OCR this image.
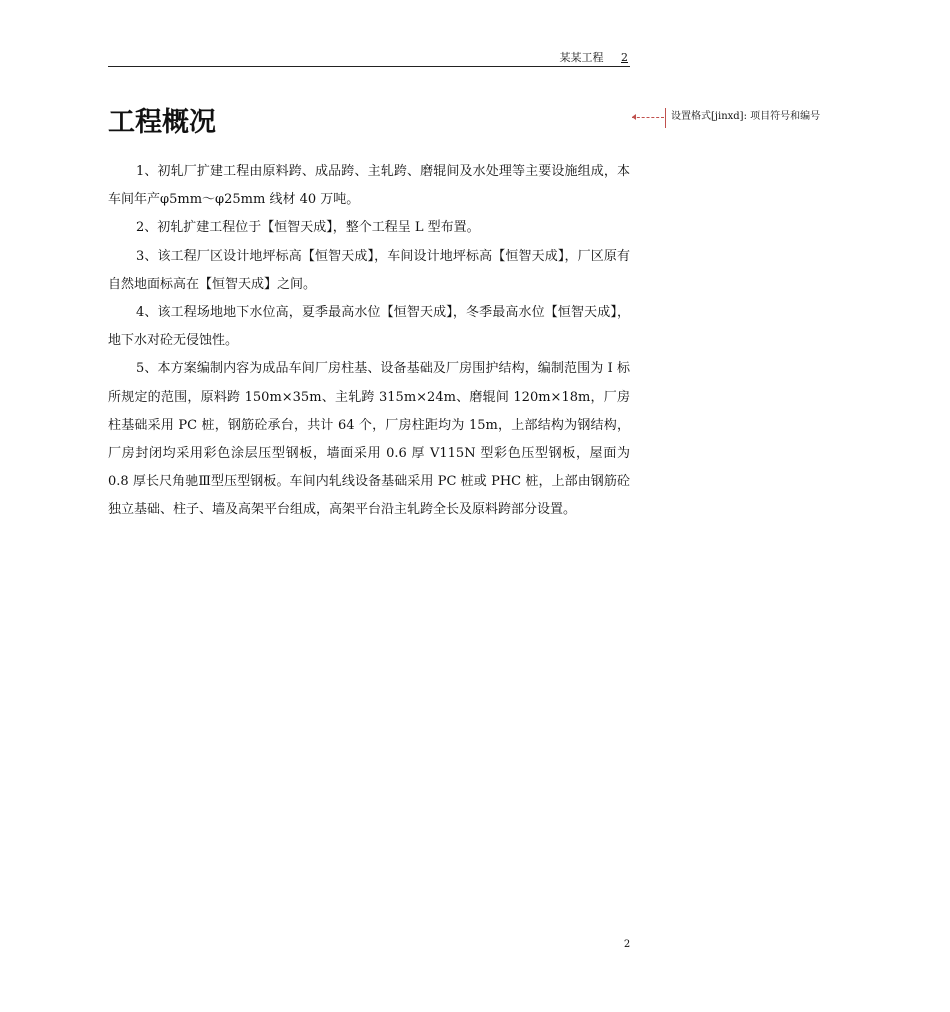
某某工程 2
工程概况	设置格式[jinxd]: 项目符号和编号

1、初轧厂扩建工程由原料跨、成品跨、主轧跨、磨辊间及水处理等主要设施组成，本车间年产φ5mm～φ25mm 线材 40 万吨。

2、初轧扩建工程位于【恒智天成】，整个工程呈 L 型布置。

3、该工程厂区设计地坪标高【恒智天成】，车间设计地坪标高【恒智天成】，厂区原有自然地面标高在【恒智天成】之间。

4、该工程场地地下水位高，夏季最高水位【恒智天成】，冬季最高水位【恒智天成】，地下水对砼无侵蚀性。

5、本方案编制内容为成品车间厂房柱基、设备基础及厂房围护结构，编制范围为 I 标所规定的范围，原料跨 150m×35m、主轧跨 315m×24m、磨辊间 120m×18m，厂房柱基础采用 PC 桩，钢筋砼承台，共计 64 个，厂房柱距均为 15m，上部结构为钢结构，厂房封闭均采用彩色涂层压型钢板，墙面采用 0.6 厚 V115N 型彩色压型钢板，屋面为 0.8 厚长尺角驰Ⅲ型压型钢板。车间内轧线设备基础采用 PC 桩或 PHC 桩，上部由钢筋砼独立基础、柱子、墙及高架平台组成，高架平台沿主轧跨全长及原料跨部分设置。

2
